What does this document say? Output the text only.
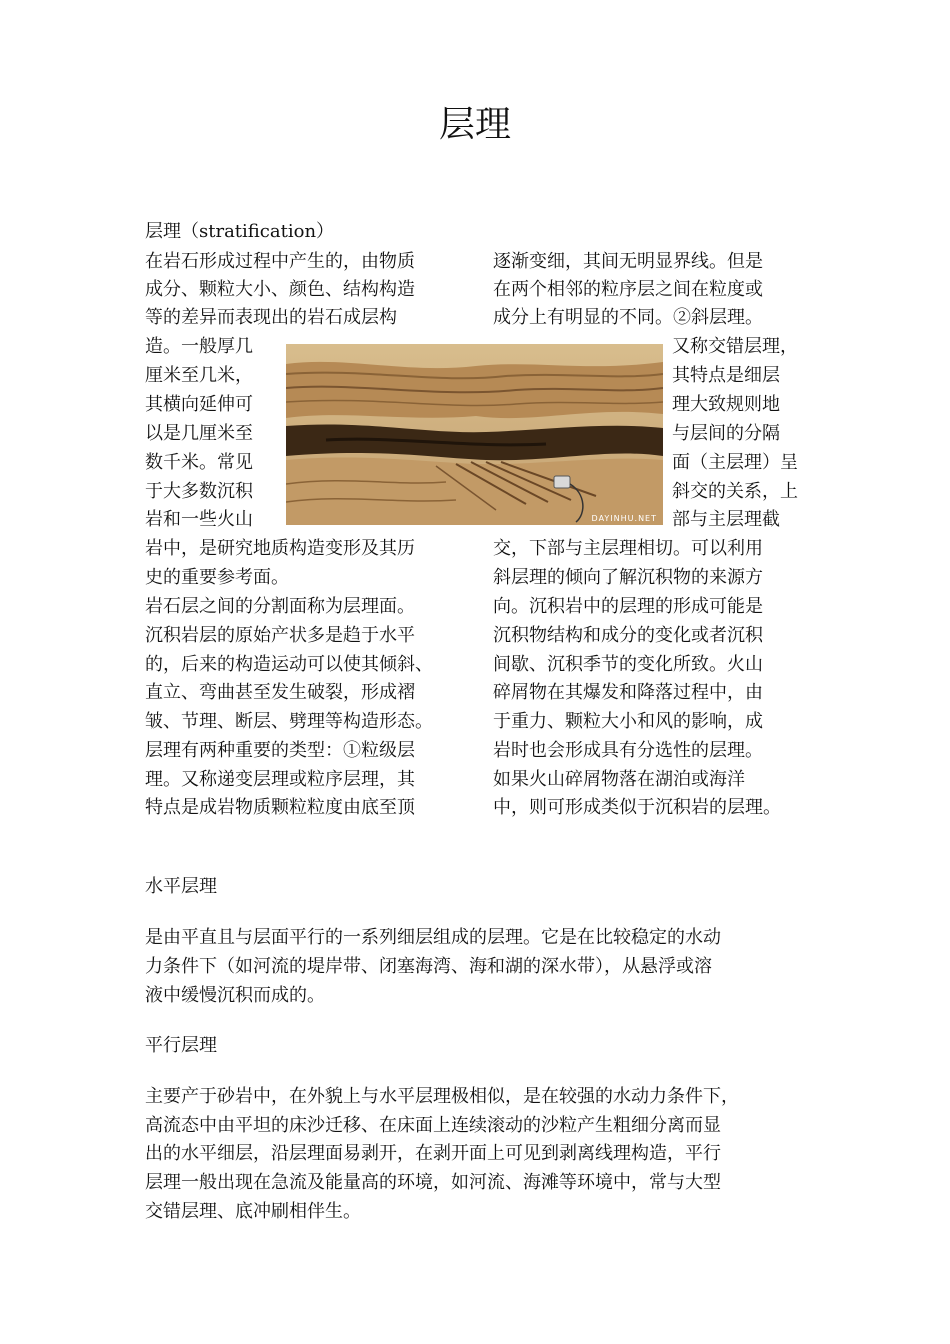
层理

层理（stratification）

在岩石形成过程中产生的，由物质

成分、颗粒大小、颜色、结构构造

等的差异而表现出的岩石成层构

造。一般厚几

厘米至几米，

其横向延伸可

以是几厘米至

数千米。常见

于大多数沉积

岩和一些火山

岩中，是研究地质构造变形及其历

史的重要参考面。

岩石层之间的分割面称为层理面。

沉积岩层的原始产状多是趋于水平

的，后来的构造运动可以使其倾斜、

直立、弯曲甚至发生破裂，形成褶

皱、节理、断层、劈理等构造形态。

层理有两种重要的类型：①粒级层

理。又称递变层理或粒序层理，其

特点是成岩物质颗粒粒度由底至顶

逐渐变细，其间无明显界线。但是

在两个相邻的粒序层之间在粒度或

成分上有明显的不同。②斜层理。

又称交错层理，

其特点是细层

理大致规则地

与层间的分隔

面（主层理）呈

斜交的关系，上

部与主层理截

交，下部与主层理相切。可以利用

斜层理的倾向了解沉积物的来源方

向。沉积岩中的层理的形成可能是

沉积物结构和成分的变化或者沉积

间歇、沉积季节的变化所致。火山

碎屑物在其爆发和降落过程中，由

于重力、颗粒大小和风的影响，成

岩时也会形成具有分选性的层理。

如果火山碎屑物落在湖泊或海洋

中，则可形成类似于沉积岩的层理。

DAYINHU.NET

水平层理

是由平直且与层面平行的一系列细层组成的层理。它是在比较稳定的水动

力条件下（如河流的堤岸带、闭塞海湾、海和湖的深水带），从悬浮或溶

液中缓慢沉积而成的。

平行层理

主要产于砂岩中，在外貌上与水平层理极相似，是在较强的水动力条件下，

高流态中由平坦的床沙迁移、在床面上连续滚动的沙粒产生粗细分离而显

出的水平细层，沿层理面易剥开，在剥开面上可见到剥离线理构造，平行

层理一般出现在急流及能量高的环境，如河流、海滩等环境中，常与大型

交错层理、底冲刷相伴生。
